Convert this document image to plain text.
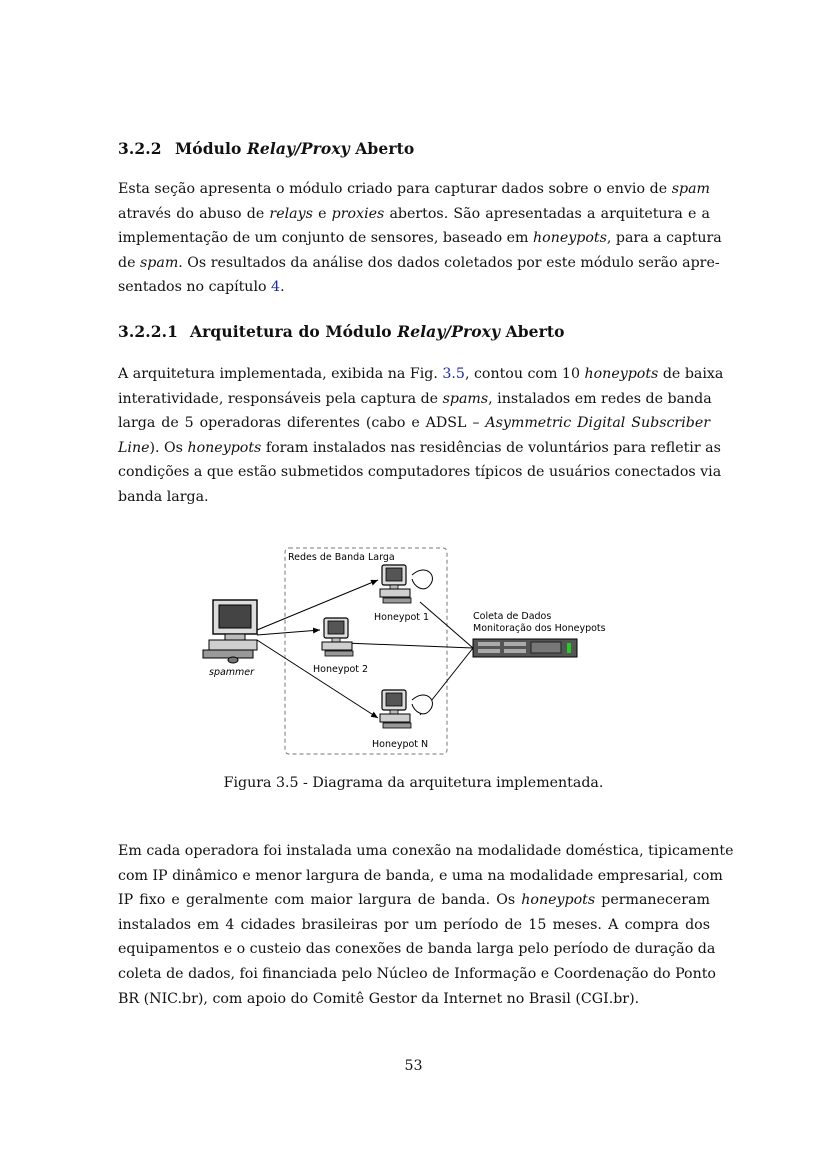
3.2.2 Módulo Relay/Proxy Aberto
Esta seção apresenta o módulo criado para capturar dados sobre o envio de spam
através do abuso de relays e proxies abertos. São apresentadas a arquitetura e a
implementação de um conjunto de sensores, baseado em honeypots, para a captura
de spam. Os resultados da análise dos dados coletados por este módulo serão apre-
sentados no capítulo 4.
3.2.2.1 Arquitetura do Módulo Relay/Proxy Aberto
A arquitetura implementada, exibida na Fig. 3.5, contou com 10 honeypots de baixa
interatividade, responsáveis pela captura de spams, instalados em redes de banda
larga de 5 operadoras diferentes (cabo e ADSL – Asymmetric Digital Subscriber
Line). Os honeypots foram instalados nas residências de voluntários para refletir as
condições a que estão submetidos computadores típicos de usuários conectados via
banda larga.
Redes de Banda Larga
spammer
Honeypot 1
Honeypot 2
Honeypot N
Coleta de Dados
Monitoração dos Honeypots
Figura 3.5 - Diagrama da arquitetura implementada.
Em cada operadora foi instalada uma conexão na modalidade doméstica, tipicamente
com IP dinâmico e menor largura de banda, e uma na modalidade empresarial, com
IP fixo e geralmente com maior largura de banda. Os honeypots permaneceram
instalados em 4 cidades brasileiras por um período de 15 meses. A compra dos
equipamentos e o custeio das conexões de banda larga pelo período de duração da
coleta de dados, foi financiada pelo Núcleo de Informação e Coordenação do Ponto
BR (NIC.br), com apoio do Comitê Gestor da Internet no Brasil (CGI.br).
53
